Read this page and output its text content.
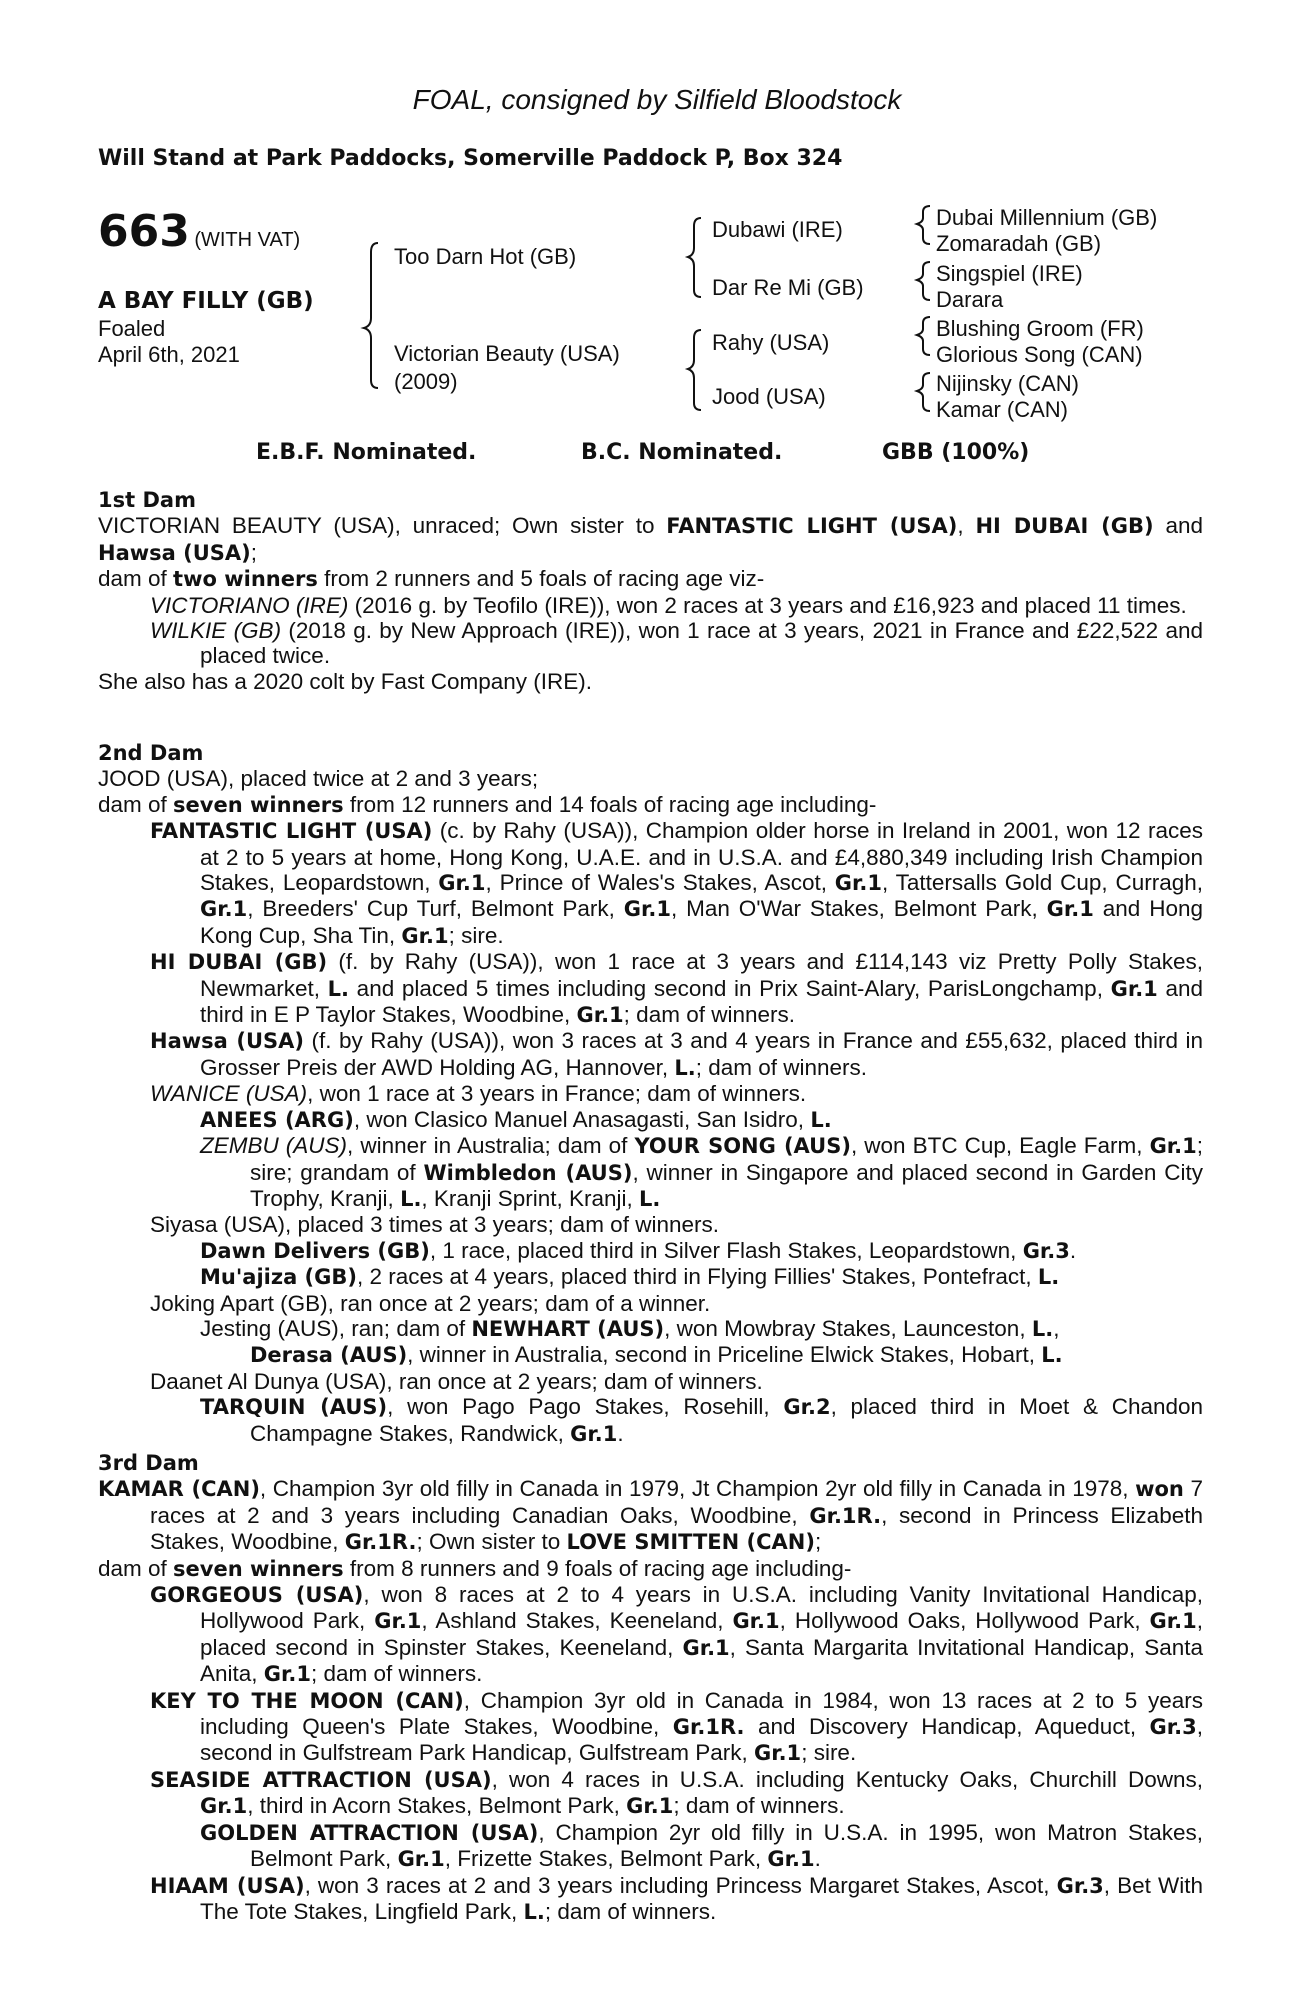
FOAL, consigned by Silfield Bloodstock
Will Stand at Park Paddocks, Somerville Paddock P, Box 324
663 (WITH VAT)
A BAY FILLY (GB)
Foaled
April 6th, 2021
Too Darn Hot (GB)
Victorian Beauty (USA)
(2009)
Dubawi (IRE)
Dar Re Mi (GB)
Rahy (USA)
Jood (USA)
Dubai Millennium (GB)
Zomaradah (GB)
Singspiel (IRE)
Darara
Blushing Groom (FR)
Glorious Song (CAN)
Nijinsky (CAN)
Kamar (CAN)
E.B.F. Nominated.	B.C. Nominated.	GBB (100%)
1st Dam

VICTORIAN BEAUTY (USA), unraced; Own sister to FANTASTIC LIGHT (USA), HI DUBAI (GB) and Hawsa (USA);

dam of two winners from 2 runners and 5 foals of racing age viz-

VICTORIANO (IRE) (2016 g. by Teofilo (IRE)), won 2 races at 3 years and £16,923 and placed 11 times.

WILKIE (GB) (2018 g. by New Approach (IRE)), won 1 race at 3 years, 2021 in France and £22,522 and placed twice.

She also has a 2020 colt by Fast Company (IRE).

2nd Dam

JOOD (USA), placed twice at 2 and 3 years;

dam of seven winners from 12 runners and 14 foals of racing age including-

FANTASTIC LIGHT (USA) (c. by Rahy (USA)), Champion older horse in Ireland in 2001, won 12 races at 2 to 5 years at home, Hong Kong, U.A.E. and in U.S.A. and £4,880,349 including Irish Champion Stakes, Leopardstown, Gr.1, Prince of Wales's Stakes, Ascot, Gr.1, Tattersalls Gold Cup, Curragh, Gr.1, Breeders' Cup Turf, Belmont Park, Gr.1, Man O'War Stakes, Belmont Park, Gr.1 and Hong Kong Cup, Sha Tin, Gr.1; sire.

HI DUBAI (GB) (f. by Rahy (USA)), won 1 race at 3 years and £114,143 viz Pretty Polly Stakes, Newmarket, L. and placed 5 times including second in Prix Saint-Alary, ParisLongchamp, Gr.1 and third in E P Taylor Stakes, Woodbine, Gr.1; dam of winners.

Hawsa (USA) (f. by Rahy (USA)), won 3 races at 3 and 4 years in France and £55,632, placed third in Grosser Preis der AWD Holding AG, Hannover, L.; dam of winners.

WANICE (USA), won 1 race at 3 years in France; dam of winners.

ANEES (ARG), won Clasico Manuel Anasagasti, San Isidro, L.

ZEMBU (AUS), winner in Australia; dam of YOUR SONG (AUS), won BTC Cup, Eagle Farm, Gr.1; sire; grandam of Wimbledon (AUS), winner in Singapore and placed second in Garden City Trophy, Kranji, L., Kranji Sprint, Kranji, L.

Siyasa (USA), placed 3 times at 3 years; dam of winners.

Dawn Delivers (GB), 1 race, placed third in Silver Flash Stakes, Leopardstown, Gr.3.

Mu'ajiza (GB), 2 races at 4 years, placed third in Flying Fillies' Stakes, Pontefract, L.

Joking Apart (GB), ran once at 2 years; dam of a winner.

Jesting (AUS), ran; dam of NEWHART (AUS), won Mowbray Stakes, Launceston, L.,

Derasa (AUS), winner in Australia, second in Priceline Elwick Stakes, Hobart, L.

Daanet Al Dunya (USA), ran once at 2 years; dam of winners.

TARQUIN (AUS), won Pago Pago Stakes, Rosehill, Gr.2, placed third in Moet & Chandon Champagne Stakes, Randwick, Gr.1.

3rd Dam

KAMAR (CAN), Champion 3yr old filly in Canada in 1979, Jt Champion 2yr old filly in Canada in 1978, won 7 races at 2 and 3 years including Canadian Oaks, Woodbine, Gr.1R., second in Princess Elizabeth Stakes, Woodbine, Gr.1R.; Own sister to LOVE SMITTEN (CAN);

dam of seven winners from 8 runners and 9 foals of racing age including-

GORGEOUS (USA), won 8 races at 2 to 4 years in U.S.A. including Vanity Invitational Handicap, Hollywood Park, Gr.1, Ashland Stakes, Keeneland, Gr.1, Hollywood Oaks, Hollywood Park, Gr.1, placed second in Spinster Stakes, Keeneland, Gr.1, Santa Margarita Invitational Handicap, Santa Anita, Gr.1; dam of winners.

KEY TO THE MOON (CAN), Champion 3yr old in Canada in 1984, won 13 races at 2 to 5 years including Queen's Plate Stakes, Woodbine, Gr.1R. and Discovery Handicap, Aqueduct, Gr.3, second in Gulfstream Park Handicap, Gulfstream Park, Gr.1; sire.

SEASIDE ATTRACTION (USA), won 4 races in U.S.A. including Kentucky Oaks, Churchill Downs, Gr.1, third in Acorn Stakes, Belmont Park, Gr.1; dam of winners.

GOLDEN ATTRACTION (USA), Champion 2yr old filly in U.S.A. in 1995, won Matron Stakes, Belmont Park, Gr.1, Frizette Stakes, Belmont Park, Gr.1.

HIAAM (USA), won 3 races at 2 and 3 years including Princess Margaret Stakes, Ascot, Gr.3, Bet With The Tote Stakes, Lingfield Park, L.; dam of winners.
